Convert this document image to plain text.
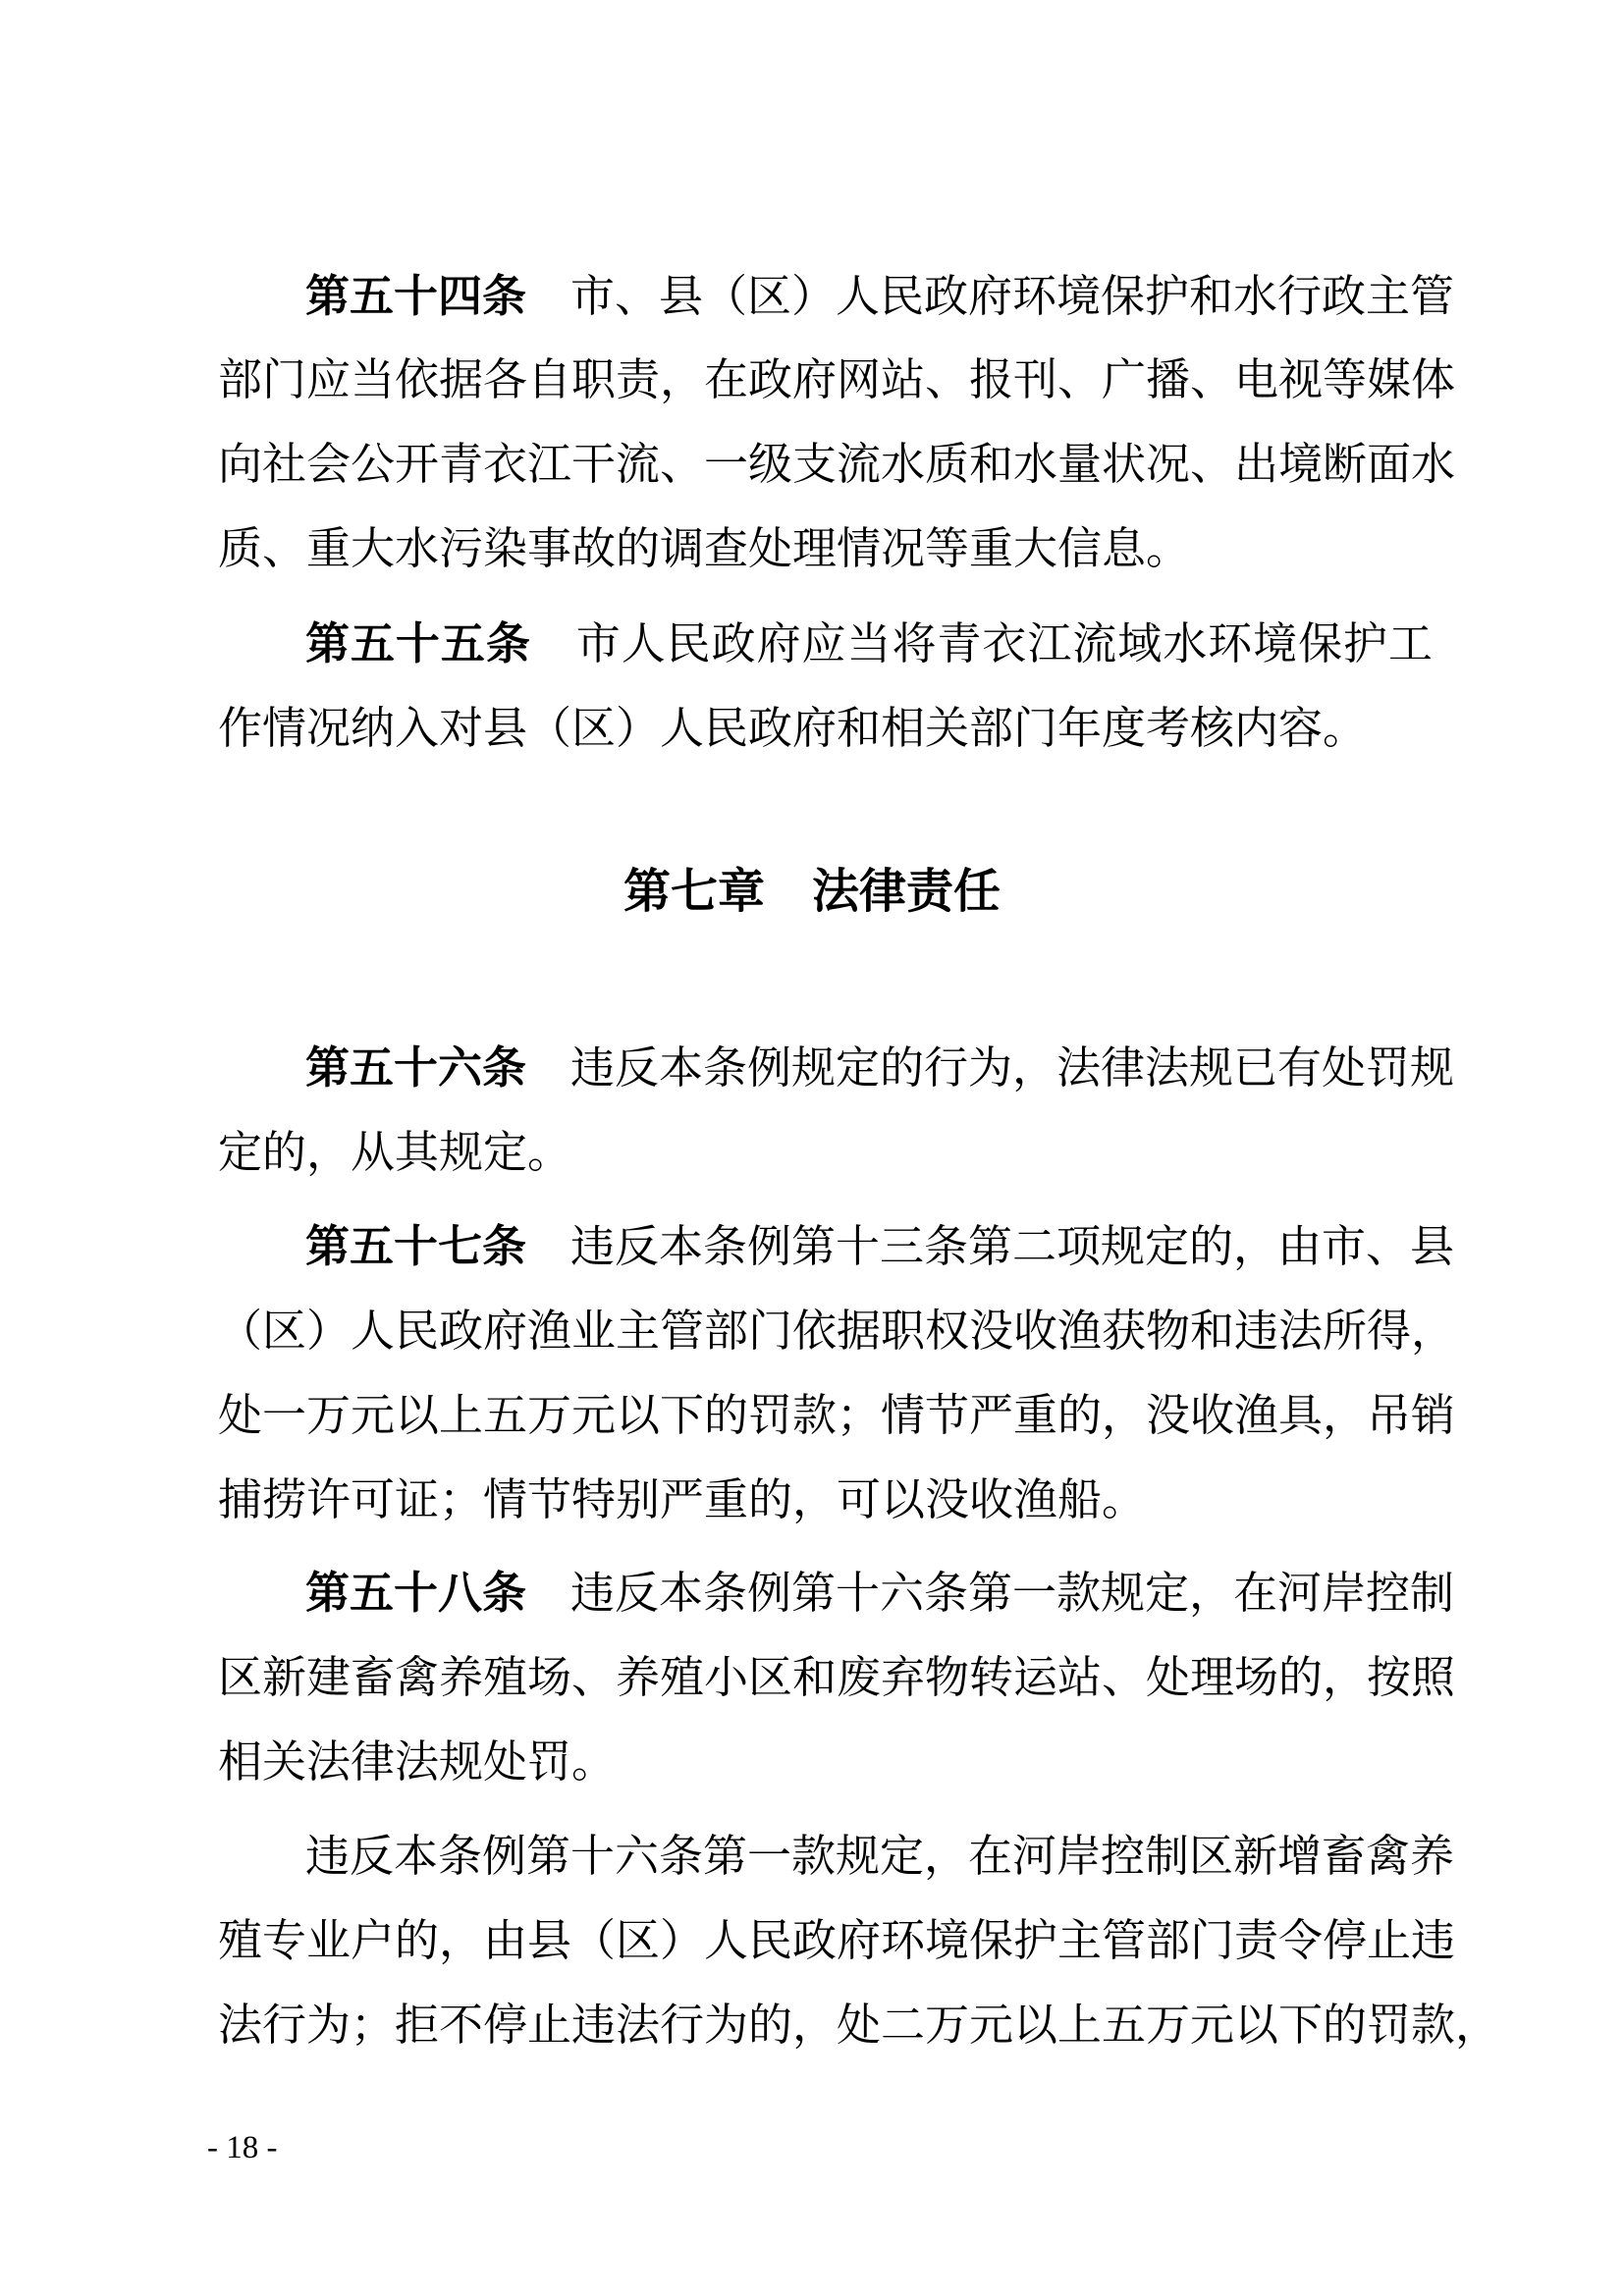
第五十四条 市、县（区）人民政府环境保护和水行政主管
部门应当依据各自职责，在政府网站、报刊、广播、电视等媒体
向社会公开青衣江干流、一级支流水质和水量状况、出境断面水
质、重大水污染事故的调查处理情况等重大信息。
第五十五条 市人民政府应当将青衣江流域水环境保护工
作情况纳入对县（区）人民政府和相关部门年度考核内容。
第七章 法律责任
第五十六条 违反本条例规定的行为，法律法规已有处罚规
定的，从其规定。
第五十七条 违反本条例第十三条第二项规定的，由市、县
（区）人民政府渔业主管部门依据职权没收渔获物和违法所得，
处一万元以上五万元以下的罚款；情节严重的，没收渔具，吊销
捕捞许可证；情节特别严重的，可以没收渔船。
第五十八条 违反本条例第十六条第一款规定，在河岸控制
区新建畜禽养殖场、养殖小区和废弃物转运站、处理场的，按照
相关法律法规处罚。
违反本条例第十六条第一款规定，在河岸控制区新增畜禽养
殖专业户的，由县（区）人民政府环境保护主管部门责令停止违
法行为；拒不停止违法行为的，处二万元以上五万元以下的罚款，
- 18 -
